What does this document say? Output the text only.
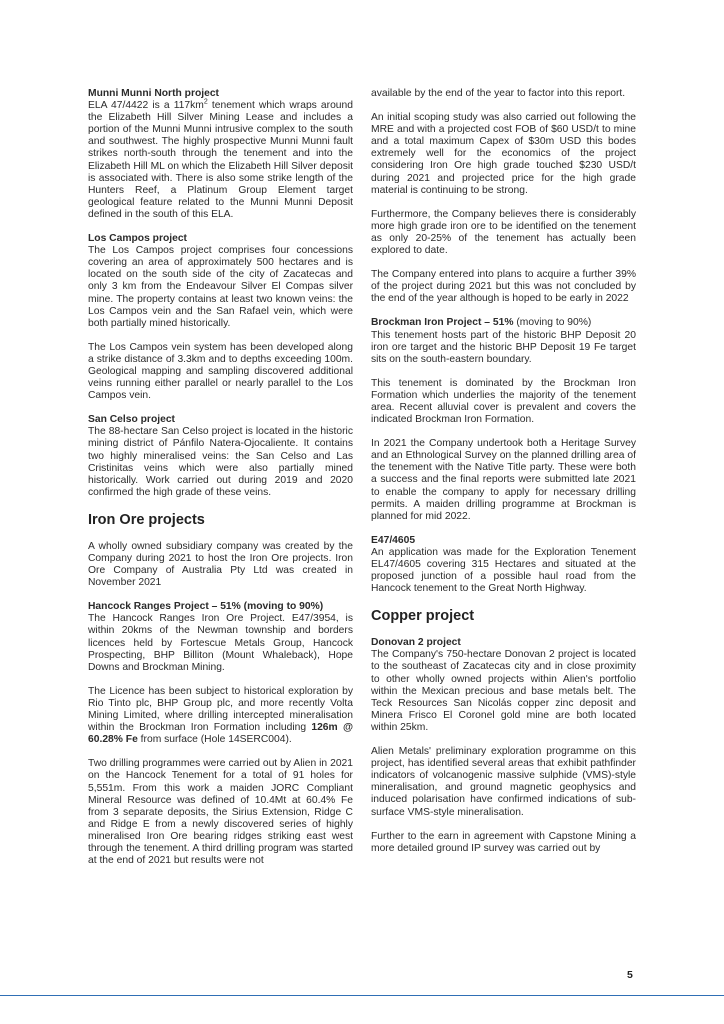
Munni Munni North project

ELA 47/4422 is a $117km^2$ tenement which wraps around the Elizabeth Hill Silver Mining Lease and includes a portion of the Munni Munni intrusive complex to the south and southwest. The highly prospective Munni Munni fault strikes north-south through the tenement and into the Elizabeth Hill ML on which the Elizabeth Hill Silver deposit is associated with. There is also some strike length of the Hunters Reef, a Platinum Group Element target geological feature related to the Munni Munni Deposit defined in the south of this ELA.

Los Campos project

The Los Campos project comprises four concessions covering an area of approximately 500 hectares and is located on the south side of the city of Zacatecas and only 3 km from the Endeavour Silver El Compas silver mine. The property contains at least two known veins: the Los Campos vein and the San Rafael vein, which were both partially mined historically.

The Los Campos vein system has been developed along a strike distance of 3.3km and to depths exceeding 100m. Geological mapping and sampling discovered additional veins running either parallel or nearly parallel to the Los Campos vein.

San Celso project

The 88-hectare San Celso project is located in the historic mining district of Pánfilo Natera-Ojocaliente. It contains two highly mineralised veins: the San Celso and Las Cristinitas veins which were also partially mined historically. Work carried out during 2019 and 2020 confirmed the high grade of these veins.

Iron Ore projects

A wholly owned subsidiary company was created by the Company during 2021 to host the Iron Ore projects. Iron Ore Company of Australia Pty Ltd was created in November 2021

Hancock Ranges Project – 51% (moving to 90%)

The Hancock Ranges Iron Ore Project. E47/3954, is within 20kms of the Newman township and borders licences held by Fortescue Metals Group, Hancock Prospecting, BHP Billiton (Mount Whaleback), Hope Downs and Brockman Mining.

The Licence has been subject to historical exploration by Rio Tinto plc, BHP Group plc, and more recently Volta Mining Limited, where drilling intercepted mineralisation within the Brockman Iron Formation including 126m @ 60.28% Fe from surface (Hole 14SERC004).

Two drilling programmes were carried out by Alien in 2021 on the Hancock Tenement for a total of 91 holes for 5,551m. From this work a maiden JORC Compliant Mineral Resource was defined of 10.4Mt at 60.4% Fe from 3 separate deposits, the Sirius Extension, Ridge C and Ridge E from a newly discovered series of highly mineralised Iron Ore bearing ridges striking east west through the tenement. A third drilling program was started at the end of 2021 but results were not

available by the end of the year to factor into this report.

An initial scoping study was also carried out following the MRE and with a projected cost FOB of $60 USD/t to mine and a total maximum Capex of $30m USD this bodes extremely well for the economics of the project considering Iron Ore high grade touched $230 USD/t during 2021 and projected price for the high grade material is continuing to be strong.

Furthermore, the Company believes there is considerably more high grade iron ore to be identified on the tenement as only 20-25% of the tenement has actually been explored to date.

The Company entered into plans to acquire a further 39% of the project during 2021 but this was not concluded by the end of the year although is hoped to be early in 2022

Brockman Iron Project – 51% (moving to 90%)

This tenement hosts part of the historic BHP Deposit 20 iron ore target and the historic BHP Deposit 19 Fe target sits on the south-eastern boundary.

This tenement is dominated by the Brockman Iron Formation which underlies the majority of the tenement area. Recent alluvial cover is prevalent and covers the indicated Brockman Iron Formation.

In 2021 the Company undertook both a Heritage Survey and an Ethnological Survey on the planned drilling area of the tenement with the Native Title party. These were both a success and the final reports were submitted late 2021 to enable the company to apply for necessary drilling permits. A maiden drilling programme at Brockman is planned for mid 2022.

E47/4605

An application was made for the Exploration Tenement EL47/4605 covering 315 Hectares and situated at the proposed junction of a possible haul road from the Hancock tenement to the Great North Highway.

Copper project
Donovan 2 project

The Company's 750-hectare Donovan 2 project is located to the southeast of Zacatecas city and in close proximity to other wholly owned projects within Alien's portfolio within the Mexican precious and base metals belt. The Teck Resources San Nicolás copper zinc deposit and Minera Frisco El Coronel gold mine are both located within 25km.

Alien Metals' preliminary exploration programme on this project, has identified several areas that exhibit pathfinder indicators of volcanogenic massive sulphide (VMS)-style mineralisation, and ground magnetic geophysics and induced polarisation have confirmed indications of sub-surface VMS-style mineralisation.

Further to the earn in agreement with Capstone Mining a more detailed ground IP survey was carried out by

5
